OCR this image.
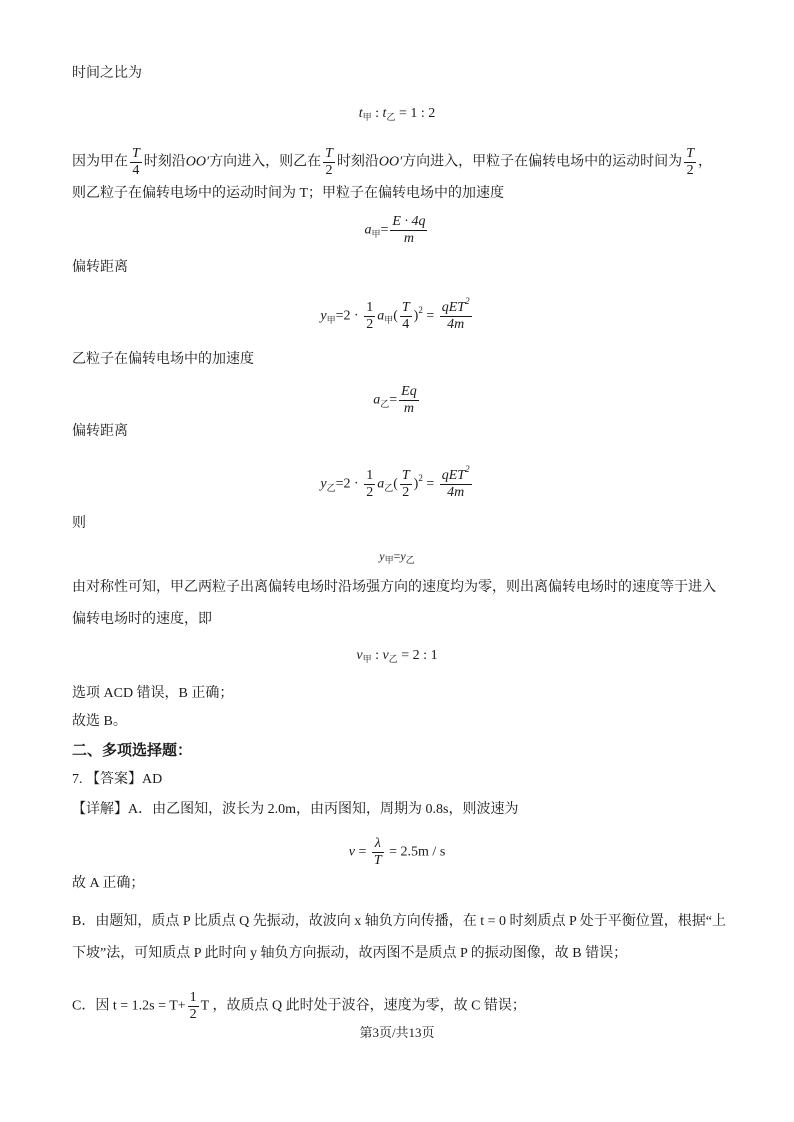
时间之比为
$t_甲$ : $t_乙 = 1$ : 2
因为甲在 $\frac{T}{4}$ 时刻沿OO′方向进入，则乙在 $\frac{T}{2}$ 时刻沿OO′方向进入，甲粒子在偏转电场中的运动时间为 $\frac{T}{2}$ ，
则乙粒子在偏转电场中的运动时间为 T；甲粒子在偏转电场中的加速度
$a_甲= \frac{E \cdot 4q}{m}$
偏转距离
$y_甲=2 \cdot \frac{1}{2} a_甲( \frac{T}{4} )^2 = \frac{qET^2}{4m}$
乙粒子在偏转电场中的加速度
$a_乙= \frac{Eq}{m}$
偏转距离
$y_乙=2 \cdot \frac{1}{2} a_乙( \frac{T}{2} )^2 = \frac{qET^2}{4m}$
则
$y_甲=y_乙$
由对称性可知，甲乙两粒子出离偏转电场时沿场强方向的速度均为零，则出离偏转电场时的速度等于进入
偏转电场时的速度，即
$v_甲$ : $v_乙 = 2$ : 1
选项 ACD 错误，B 正确；
故选 B。
二、多项选择题：
7. 【答案】AD
【详解】A．由乙图知，波长为 2.0m，由丙图知，周期为 0.8s，则波速为
$v = \frac{\lambda}{T} = 2.5m / s$
故 A 正确；
B．由题知，质点 P 比质点 Q 先振动，故波向 x 轴负方向传播，在 t = 0 时刻质点 P 处于平衡位置，根据“上
下坡”法，可知质点 P 此时向 y 轴负方向振动，故丙图不是质点 P 的振动图像，故 B 错误；
C．因 $t = 1.2s = T+ \frac{1}{2}$ T ，故质点 Q 此时处于波谷，速度为零，故 C 错误；
第3页/共13页
